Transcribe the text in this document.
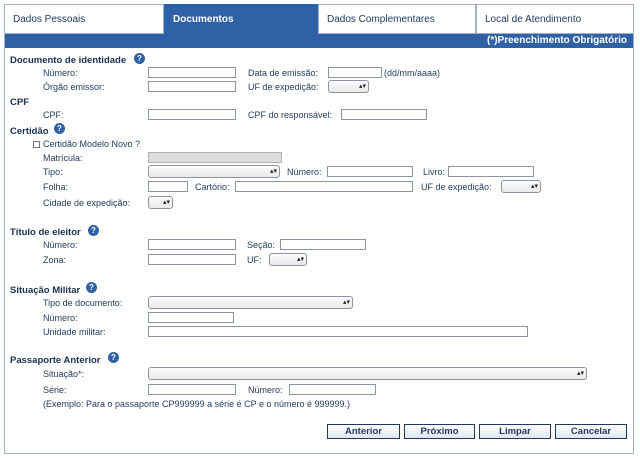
Dados Pessoais	Documentos	Dados Complementares	Local de Atendimento
(*)Preenchimento Obrigatório
Documento de identidade	?
Número:	Data de emissão:	(dd/mm/aaaa)
Órgão emissor:	UF de expedição:	▴▾
CPF
CPF:	CPF do responsável:
Certidão	?
Certidão Modelo Novo ?
Matrícula:
Tipo:	▴▾ Número:	Livro:
Folha:	Cartório:	UF de expedição:	▴▾
Cidade de expedição:	▴▾
Título de eleitor	?
Número:	Seção:
Zona:	UF:	▴▾
Situação Militar	?
Tipo de documento:	▴▾
Número:
Unidade militar:
Passaporte Anterior	?
Situação*:	▴▾
Série:	Número:
(Exemplo: Para o passaporte CP999999 a série é CP e o número é 999999.)
Anterior	Próximo	Limpar	Cancelar
